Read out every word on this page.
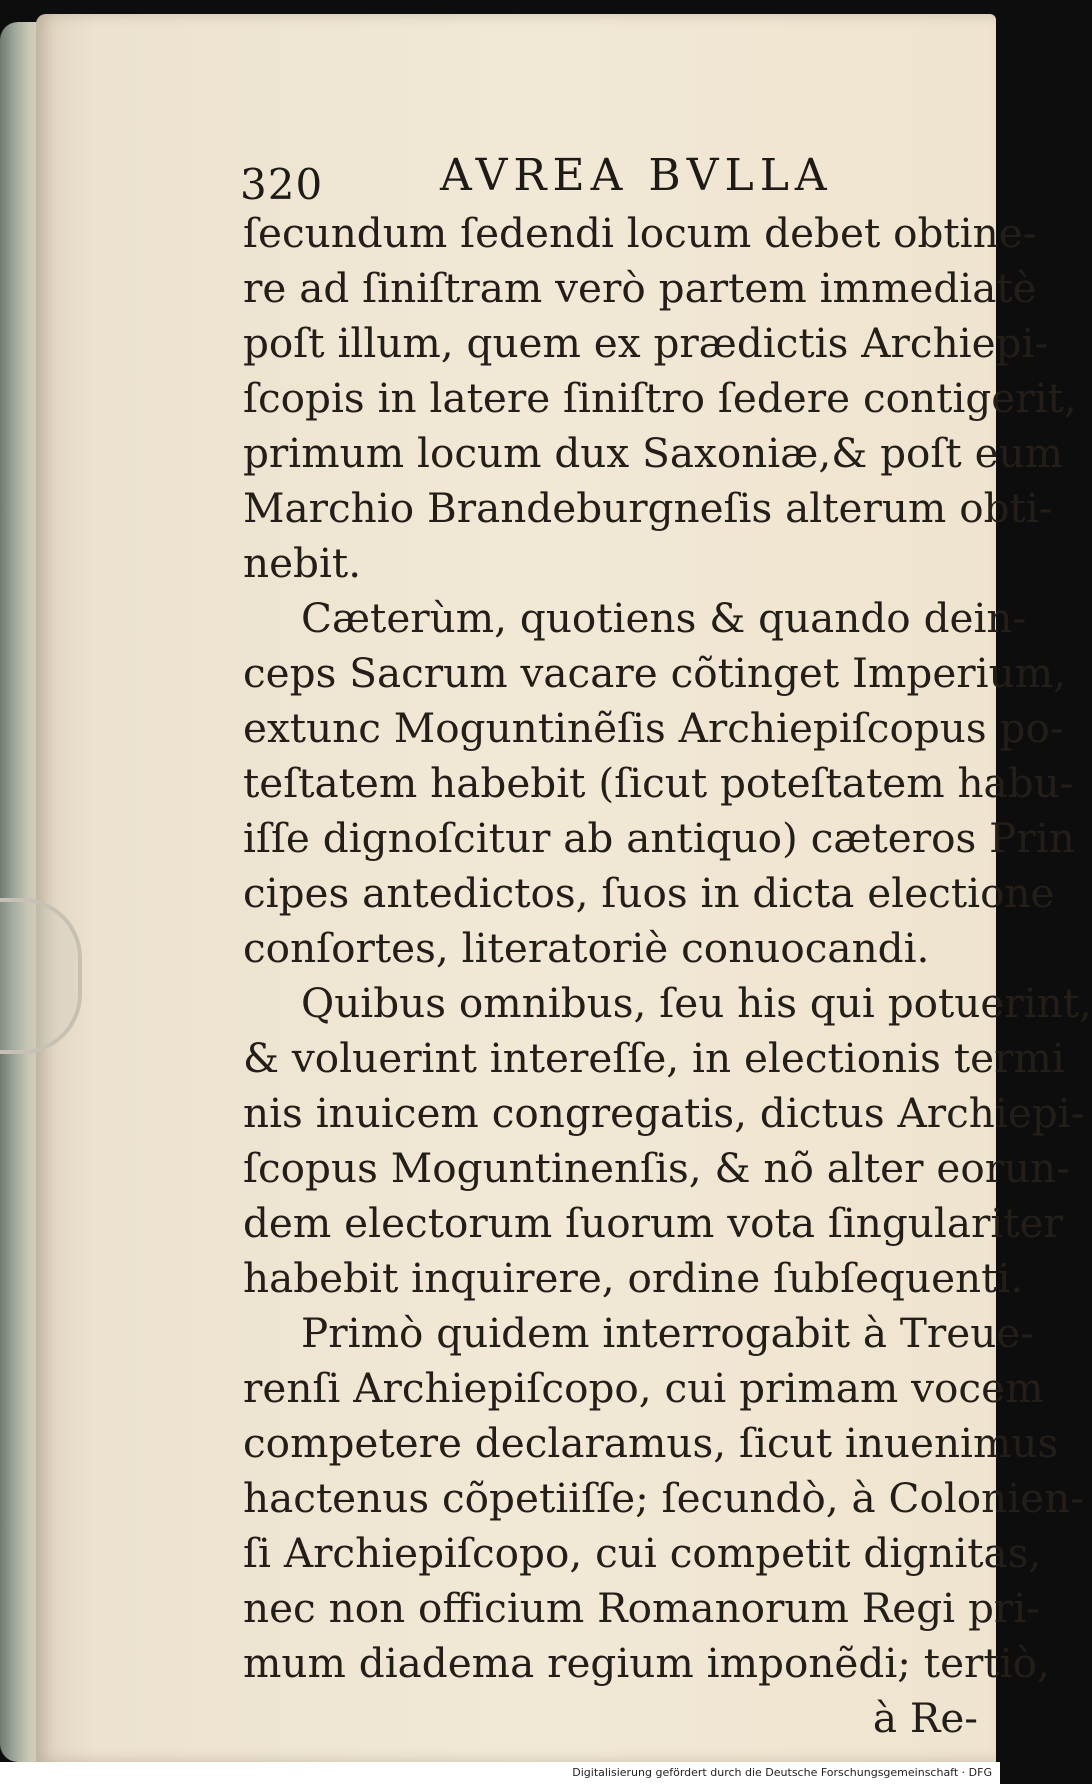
320	AVREA BVLLA
ſecundum ſedendi locum debet obtine-
re ad ſiniſtram verò partem immediatè
poſt illum, quem ex prædictis Archiepi-
ſcopis in latere ſiniſtro ſedere contigerit,
primum locum dux Saxoniæ,& poſt eum
Marchio Brandeburgneſis alterum obti-
nebit.
Cæterùm, quotiens & quando dein-
ceps Sacrum vacare cõtinget Imperium,
extunc Moguntinẽſis Archiepiſcopus po-
teſtatem habebit (ſicut poteſtatem habu-
iſſe dignoſcitur ab antiquo) cæteros Prin
cipes antedictos, ſuos in dicta electione
conſortes, literatoriè conuocandi.
Quibus omnibus, ſeu his qui potuerint,
& voluerint intereſſe, in electionis termi
nis inuicem congregatis, dictus Archiepi-
ſcopus Moguntinenſis, & nõ alter eorun-
dem electorum ſuorum vota ſingulariter
habebit inquirere, ordine ſubſequenti.
Primò quidem interrogabit à Treue-
renſi Archiepiſcopo, cui primam vocem
competere declaramus, ſicut inuenimus
hactenus cõpetiiſſe; ſecundò, à Colonien-
ſi Archiepiſcopo, cui competit dignitas,
nec non officium Romanorum Regi pri-
mum diadema regium imponẽdi; tertiò,
à Re-
Digitalisierung gefördert durch die Deutsche Forschungsgemeinschaft · DFG
